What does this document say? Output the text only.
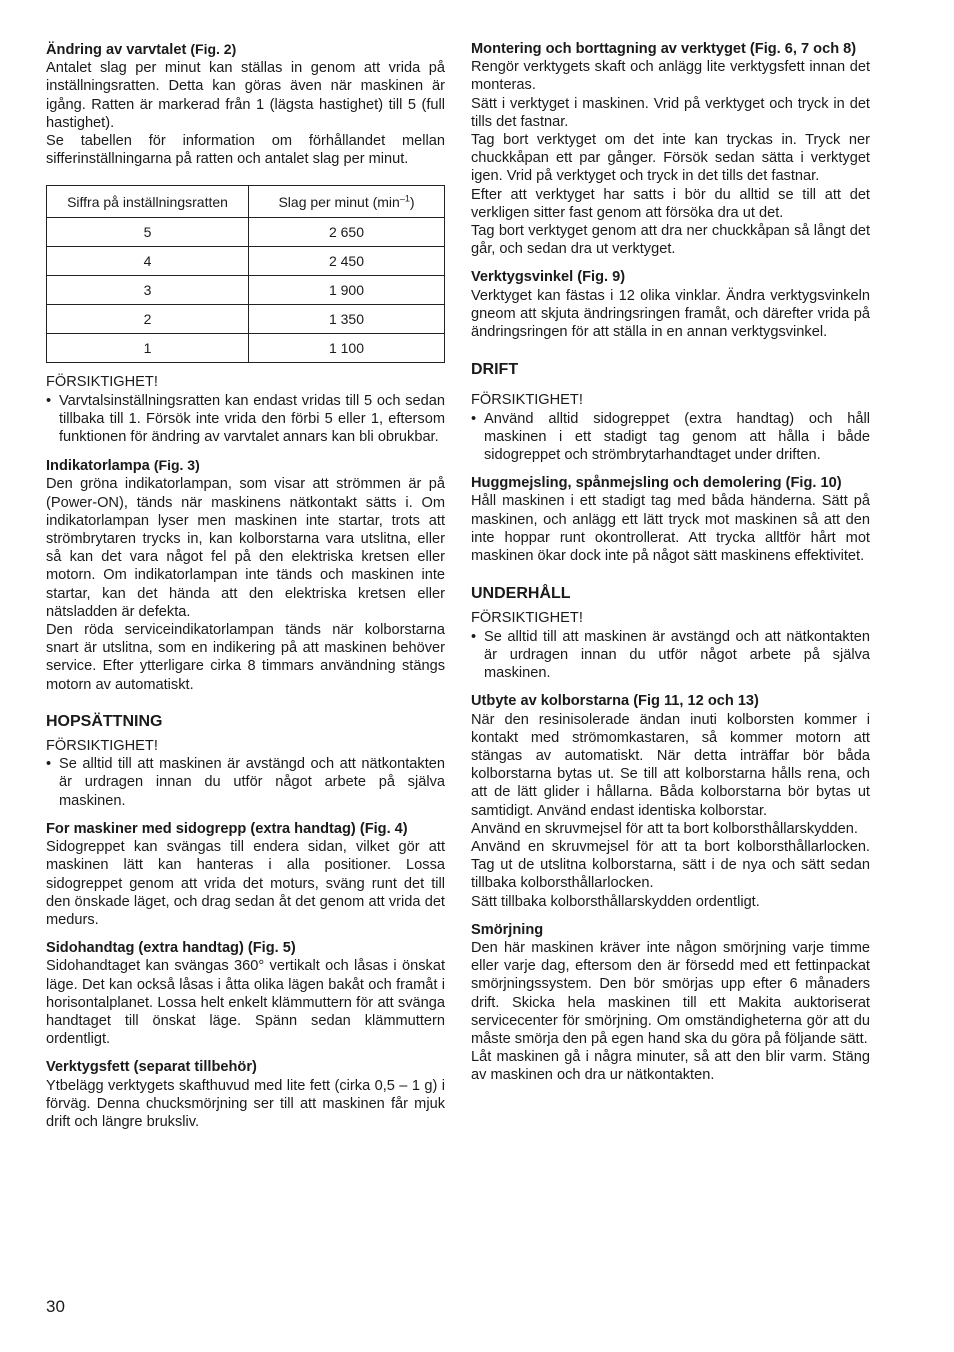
Ändring av varvtalet (Fig. 2)

Antalet slag per minut kan ställas in genom att vrida på inställningsratten. Detta kan göras även när maskinen är igång. Ratten är markerad från 1 (lägsta hastighet) till 5 (full hastighet).

Se tabellen för information om förhållandet mellan sifferinställningarna på ratten och antalet slag per minut.

Siffra på inställningsratten	Slag per minut $(\min^{-1})$
5	2 650
4	2 450
3	1 900
2	1 350
1	1 100

FÖRSIKTIGHET!

• Varvtalsinställningsratten kan endast vridas till 5 och sedan tillbaka till 1. Försök inte vrida den förbi 5 eller 1, eftersom funktionen för ändring av varvtalet annars kan bli obrukbar.

Indikatorlampa (Fig. 3)

Den gröna indikatorlampan, som visar att strömmen är på (Power-ON), tänds när maskinens nätkontakt sätts i. Om indikatorlampan lyser men maskinen inte startar, trots att strömbrytaren trycks in, kan kolborstarna vara utslitna, eller så kan det vara något fel på den elektriska kretsen eller motorn. Om indikatorlampan inte tänds och maskinen inte startar, kan det hända att den elektriska kretsen eller nätsladden är defekta.

Den röda serviceindikatorlampan tänds när kolborstarna snart är utslitna, som en indikering på att maskinen behöver service. Efter ytterligare cirka 8 timmars användning stängs motorn av automatiskt.

HOPSÄTTNING

FÖRSIKTIGHET!

• Se alltid till att maskinen är avstängd och att nätkontakten är urdragen innan du utför något arbete på själva maskinen.

For maskiner med sidogrepp (extra handtag) (Fig. 4)

Sidogreppet kan svängas till endera sidan, vilket gör att maskinen lätt kan hanteras i alla positioner. Lossa sidogreppet genom att vrida det moturs, sväng runt det till den önskade läget, och drag sedan åt det genom att vrida det medurs.

Sidohandtag (extra handtag) (Fig. 5)

Sidohandtaget kan svängas 360° vertikalt och låsas i önskat läge. Det kan också låsas i åtta olika lägen bakåt och framåt i horisontalplanet. Lossa helt enkelt klämmuttern för att svänga handtaget till önskat läge. Spänn sedan klämmuttern ordentligt.

Verktygsfett (separat tillbehör)

Ytbelägg verktygets skafthuvud med lite fett (cirka 0,5 – 1 g) i förväg. Denna chucksmörjning ser till att maskinen får mjuk drift och längre bruksliv.

Montering och borttagning av verktyget (Fig. 6, 7 och 8)

Rengör verktygets skaft och anlägg lite verktygsfett innan det monteras.

Sätt i verktyget i maskinen. Vrid på verktyget och tryck in det tills det fastnar.

Tag bort verktyget om det inte kan tryckas in. Tryck ner chuckkåpan ett par gånger. Försök sedan sätta i verktyget igen. Vrid på verktyget och tryck in det tills det fastnar.

Efter att verktyget har satts i bör du alltid se till att det verkligen sitter fast genom att försöka dra ut det.

Tag bort verktyget genom att dra ner chuckkåpan så långt det går, och sedan dra ut verktyget.

Verktygsvinkel (Fig. 9)

Verktyget kan fästas i 12 olika vinklar. Ändra verktygsvinkeln gneom att skjuta ändringsringen framåt, och därefter vrida på ändringsringen för att ställa in en annan verktygsvinkel.

DRIFT

FÖRSIKTIGHET!

• Använd alltid sidogreppet (extra handtag) och håll maskinen i ett stadigt tag genom att hålla i både sidogreppet och strömbrytarhandtaget under driften.

Huggmejsling, spånmejsling och demolering (Fig. 10)

Håll maskinen i ett stadigt tag med båda händerna. Sätt på maskinen, och anlägg ett lätt tryck mot maskinen så att den inte hoppar runt okontrollerat. Att trycka alltför hårt mot maskinen ökar dock inte på något sätt maskinens effektivitet.

UNDERHÅLL

FÖRSIKTIGHET!

• Se alltid till att maskinen är avstängd och att nätkontakten är urdragen innan du utför något arbete på själva maskinen.

Utbyte av kolborstarna (Fig 11, 12 och 13)

När den resinisolerade ändan inuti kolborsten kommer i kontakt med strömomkastaren, så kommer motorn att stängas av automatiskt. När detta inträffar bör båda kolborstarna bytas ut. Se till att kolborstarna hålls rena, och att de lätt glider i hållarna. Båda kolborstarna bör bytas ut samtidigt. Använd endast identiska kolborstar.

Använd en skruvmejsel för att ta bort kolborsthållarskydden.

Använd en skruvmejsel för att ta bort kolborsthållarlocken. Tag ut de utslitna kolborstarna, sätt i de nya och sätt sedan tillbaka kolborsthållarlocken.

Sätt tillbaka kolborsthållarskydden ordentligt.

Smörjning

Den här maskinen kräver inte någon smörjning varje timme eller varje dag, eftersom den är försedd med ett fettinpackat smörjningssystem. Den bör smörjas upp efter 6 månaders drift. Skicka hela maskinen till ett Makita auktoriserat servicecenter för smörjning. Om omständigheterna gör att du måste smörja den på egen hand ska du göra på följande sätt.

Låt maskinen gå i några minuter, så att den blir varm. Stäng av maskinen och dra ur nätkontakten.

30
